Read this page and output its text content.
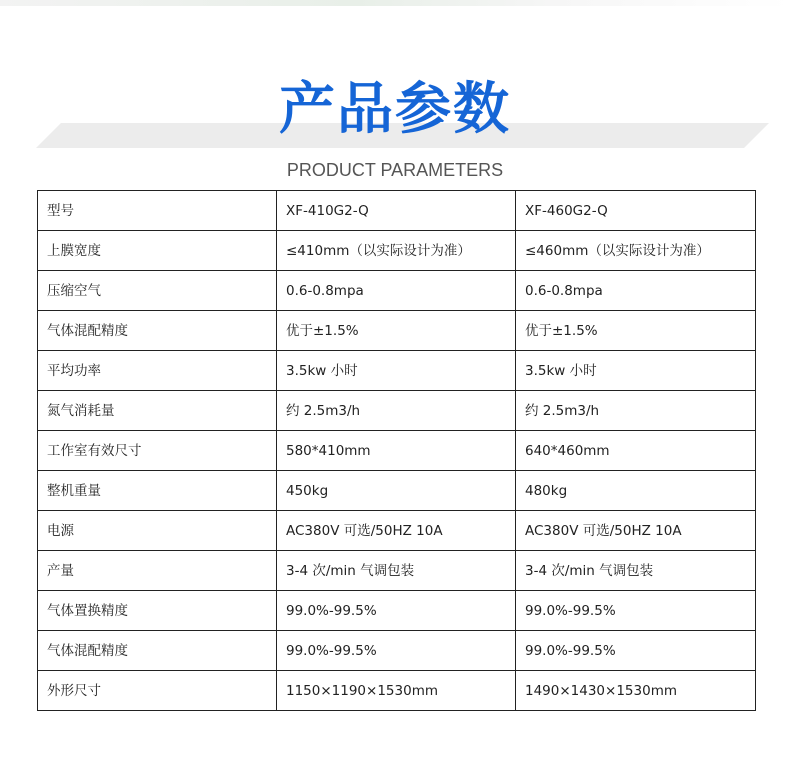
产品参数
PRODUCT PARAMETERS
型号	XF-410G2-Q	XF-460G2-Q
上膜宽度	≤410mm（以实际设计为准）	≤460mm（以实际设计为准）
压缩空气	0.6-0.8mpa	0.6-0.8mpa
气体混配精度	优于±1.5%	优于±1.5%
平均功率	3.5kw 小时	3.5kw 小时
氮气消耗量	约 2.5m3/h	约 2.5m3/h
工作室有效尺寸	580*410mm	640*460mm
整机重量	450kg	480kg
电源	AC380V 可选/50HZ 10A	AC380V 可选/50HZ 10A
产量	3-4 次/min 气调包装	3-4 次/min 气调包装
气体置换精度	99.0%-99.5%	99.0%-99.5%
气体混配精度	99.0%-99.5%	99.0%-99.5%
外形尺寸	1150×1190×1530mm	1490×1430×1530mm
